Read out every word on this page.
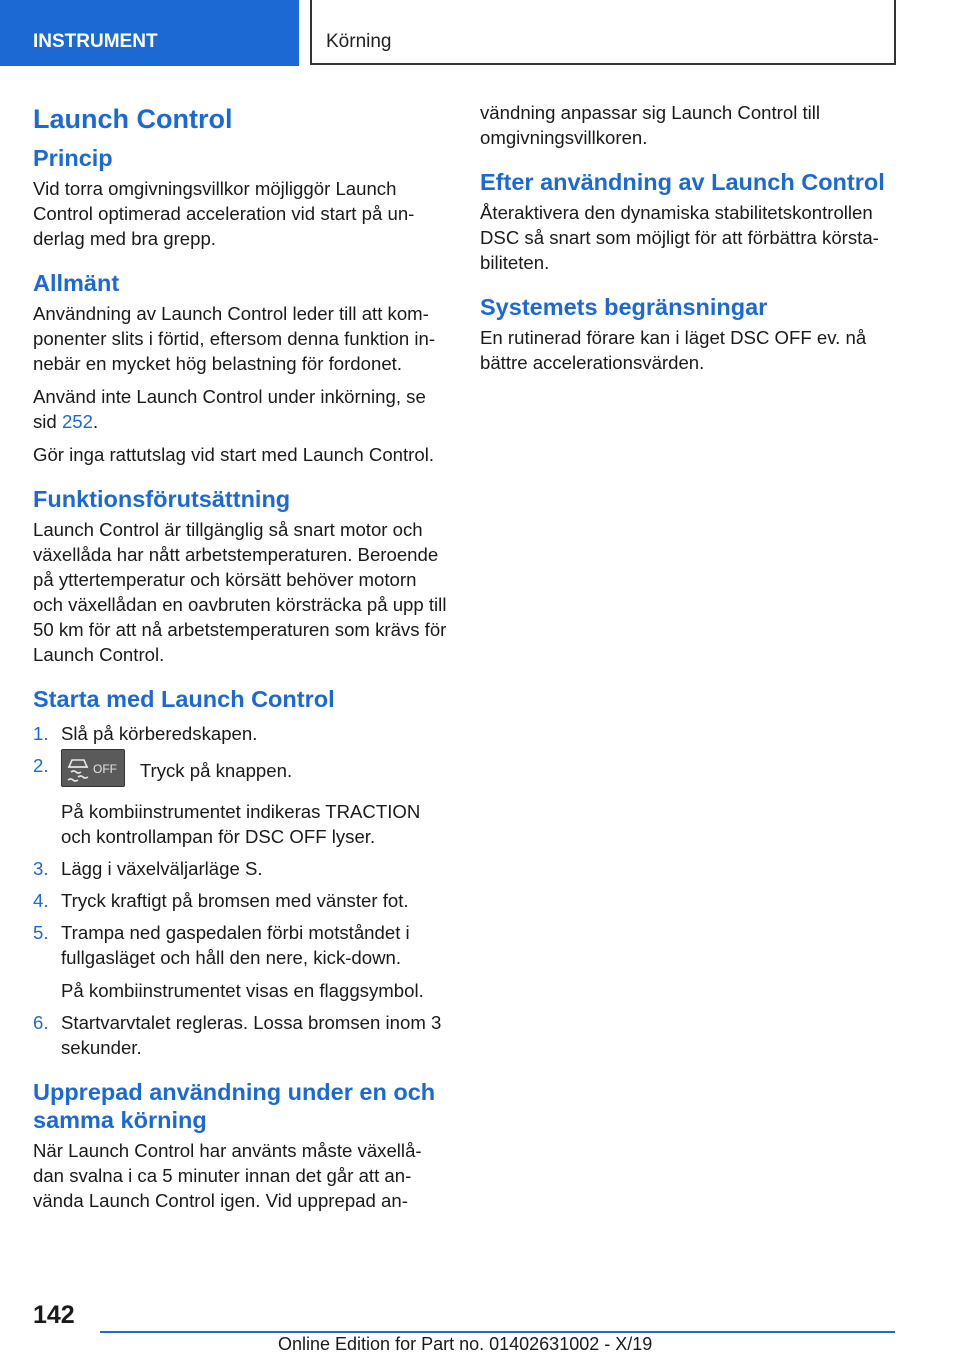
INSTRUMENT	Körning
Launch Control
Princip

Vid torra omgivningsvillkor möjliggör Launch Control optimerad acceleration vid start på un-derlag med bra grepp.

Allmänt

Användning av Launch Control leder till att kom-ponenter slits i förtid, eftersom denna funktion in-nebär en mycket hög belastning för fordonet.

Använd inte Launch Control under inkörning, se sid 252.

Gör inga rattutslag vid start med Launch Control.

Funktionsförutsättning

Launch Control är tillgänglig så snart motor och växellåda har nått arbetstemperaturen. Beroende på yttertemperatur och körsätt behöver motorn och växellådan en oavbruten körsträcka på upp till 50 km för att nå arbetstemperaturen som krävs för Launch Control.

Starta med Launch Control
1. Slå på körberedskapen.
2.	OFF Tryck på knappen.

På kombiinstrumentet indikeras TRACTION och kontrollampan för DSC OFF lyser.

3. Lägg i växelväljarläge S.
4. Tryck kraftigt på bromsen med vänster fot.
5. Trampa ned gaspedalen förbi motståndet i fullgasläget och håll den nere, kick-down.

På kombiinstrumentet visas en flaggsymbol.

6. Startvarvtalet regleras. Lossa bromsen inom 3 sekunder.
Upprepad användning under en och samma körning

När Launch Control har använts måste växellå-dan svalna i ca 5 minuter innan det går att an-vända Launch Control igen. Vid upprepad an-

vändning anpassar sig Launch Control till omgivningsvillkoren.

Efter användning av Launch Control

Återaktivera den dynamiska stabilitetskontrollen DSC så snart som möjligt för att förbättra körsta-biliteten.

Systemets begränsningar

En rutinerad förare kan i läget DSC OFF ev. nå bättre accelerationsvärden.

142
Online Edition for Part no. 01402631002 - X/19
